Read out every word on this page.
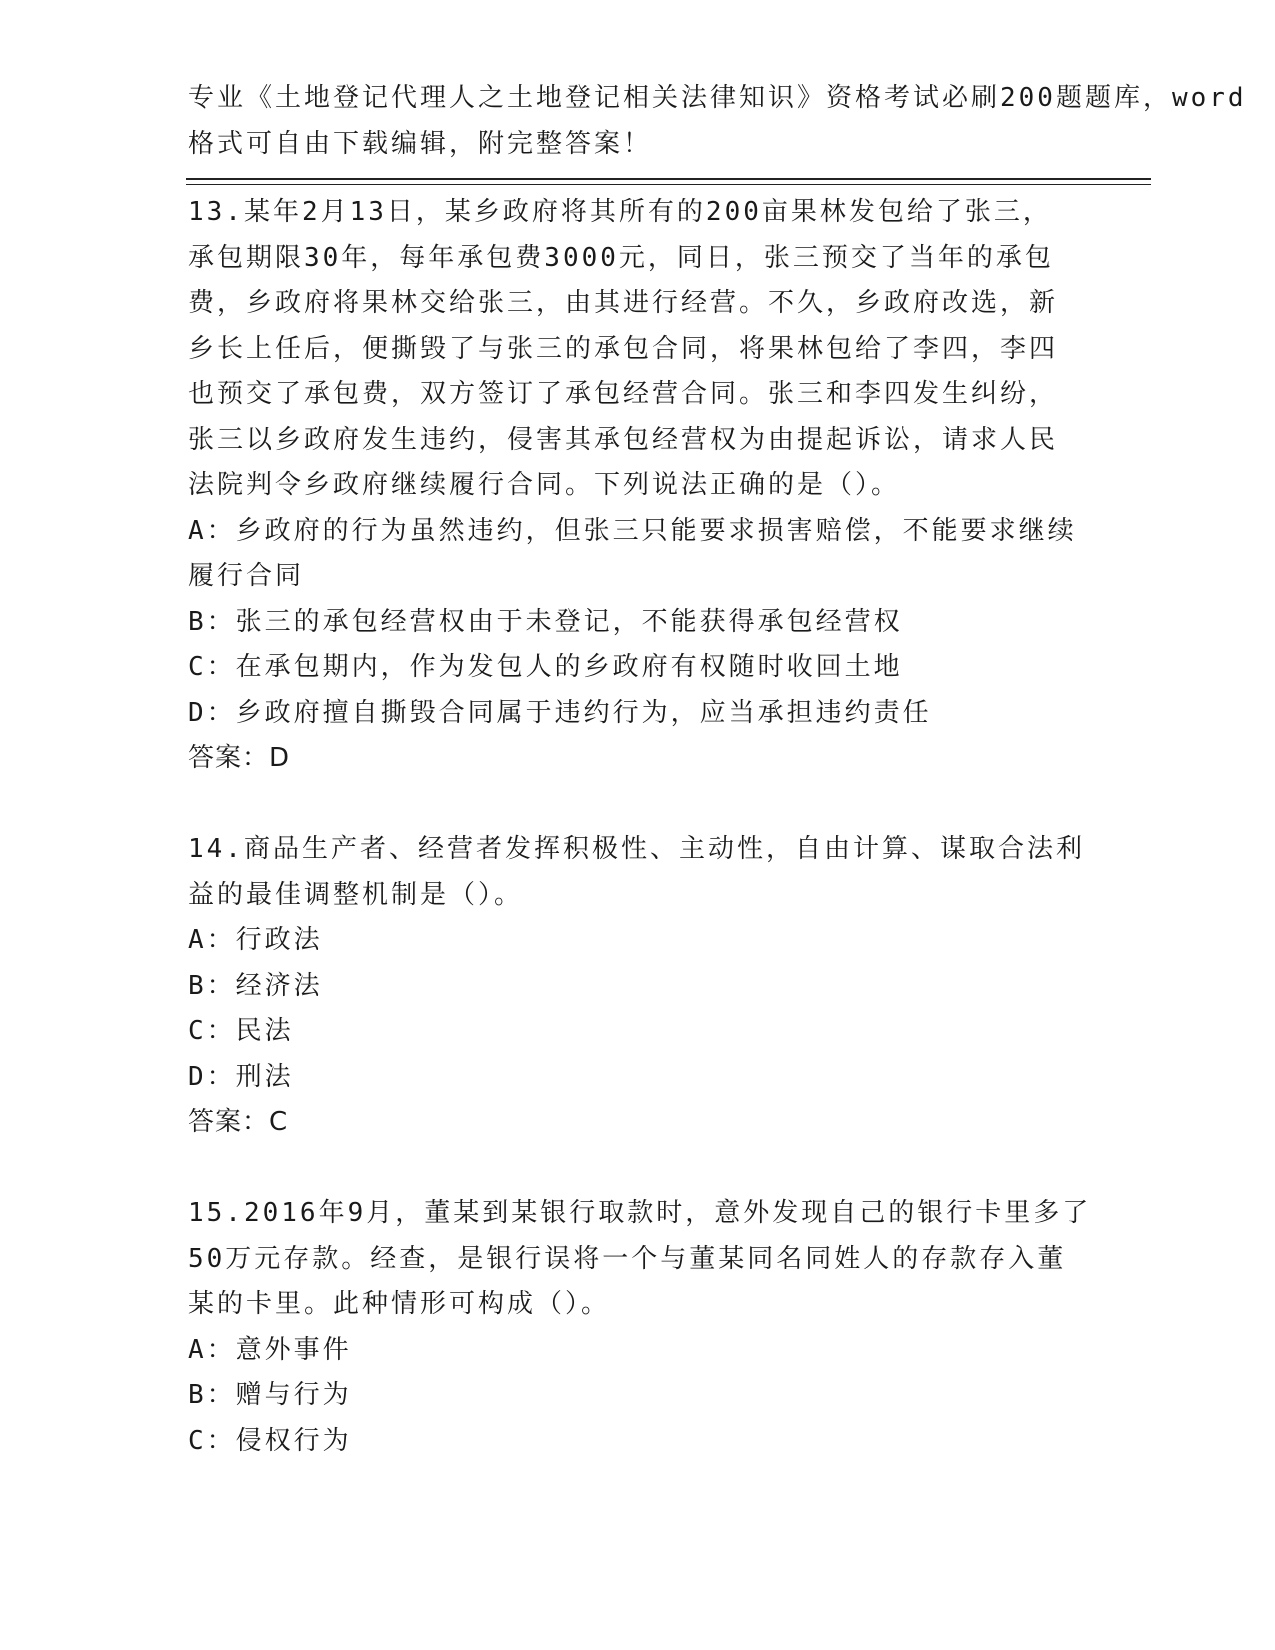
专业《土地登记代理人之土地登记相关法律知识》资格考试必刷200题题库，word
格式可自由下载编辑，附完整答案！
13.某年2月13日，某乡政府将其所有的200亩果林发包给了张三，
承包期限30年，每年承包费3000元，同日，张三预交了当年的承包
费，乡政府将果林交给张三，由其进行经营。不久，乡政府改选，新
乡长上任后，便撕毁了与张三的承包合同，将果林包给了李四，李四
也预交了承包费，双方签订了承包经营合同。张三和李四发生纠纷，
张三以乡政府发生违约，侵害其承包经营权为由提起诉讼，请求人民
法院判令乡政府继续履行合同。下列说法正确的是（）。
A：乡政府的行为虽然违约，但张三只能要求损害赔偿，不能要求继续
履行合同
B：张三的承包经营权由于未登记，不能获得承包经营权
C：在承包期内，作为发包人的乡政府有权随时收回土地
D：乡政府擅自撕毁合同属于违约行为，应当承担违约责任
答案：D
14.商品生产者、经营者发挥积极性、主动性，自由计算、谋取合法利
益的最佳调整机制是（）。
A：行政法
B：经济法
C：民法
D：刑法
答案：C
15.2016年9月，董某到某银行取款时，意外发现自己的银行卡里多了
50万元存款。经查，是银行误将一个与董某同名同姓人的存款存入董
某的卡里。此种情形可构成（）。
A：意外事件
B：赠与行为
C：侵权行为
